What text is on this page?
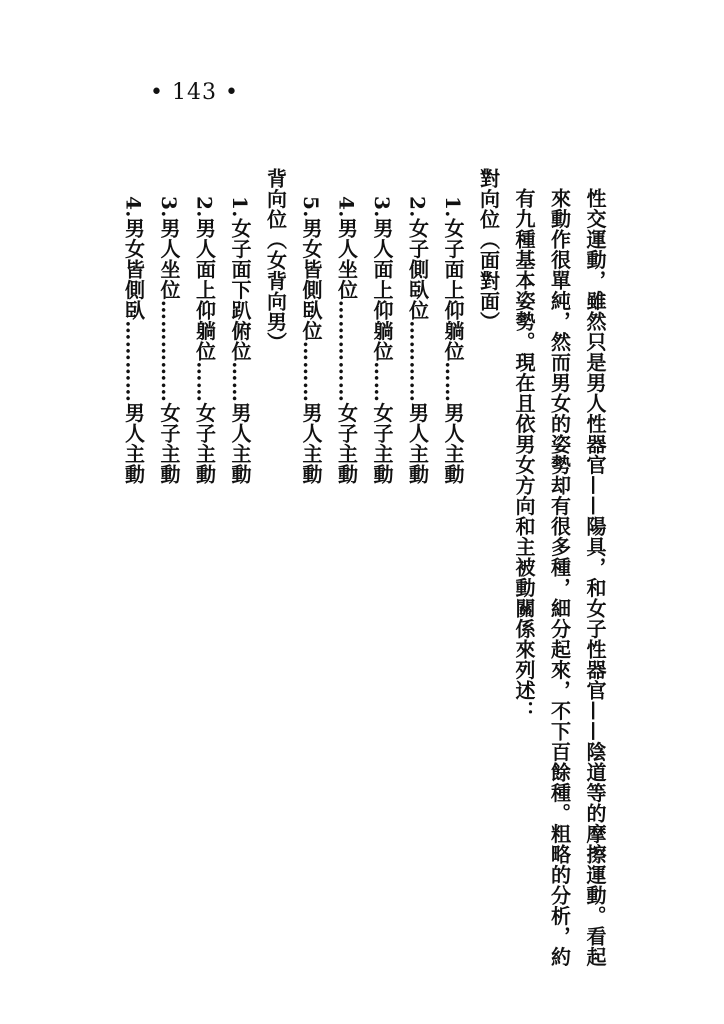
• 143 •
性交運動，雖然只是男人性器官——陽具，和女子性器官——陰道等的摩擦運動。看起來動作很單純，然而男女的姿勢却有很多種，細分起來，不下百餘種。粗略的分析，約有九種基本姿勢。現在且依男女方向和主被動關係來列述：
對向位（面對面）
1.女子面上仰躺位……男人主動
2.女子側臥位…………男人主動
3.男人面上仰躺位……女子主動
4.男人坐位……………女子主動
5.男女皆側臥位………男人主動
背向位（女背向男）
1.女子面下趴俯位……男人主動
2.男人面上仰躺位……女子主動
3.男人坐位……………女子主動
4.男女皆側臥…………男人主動
